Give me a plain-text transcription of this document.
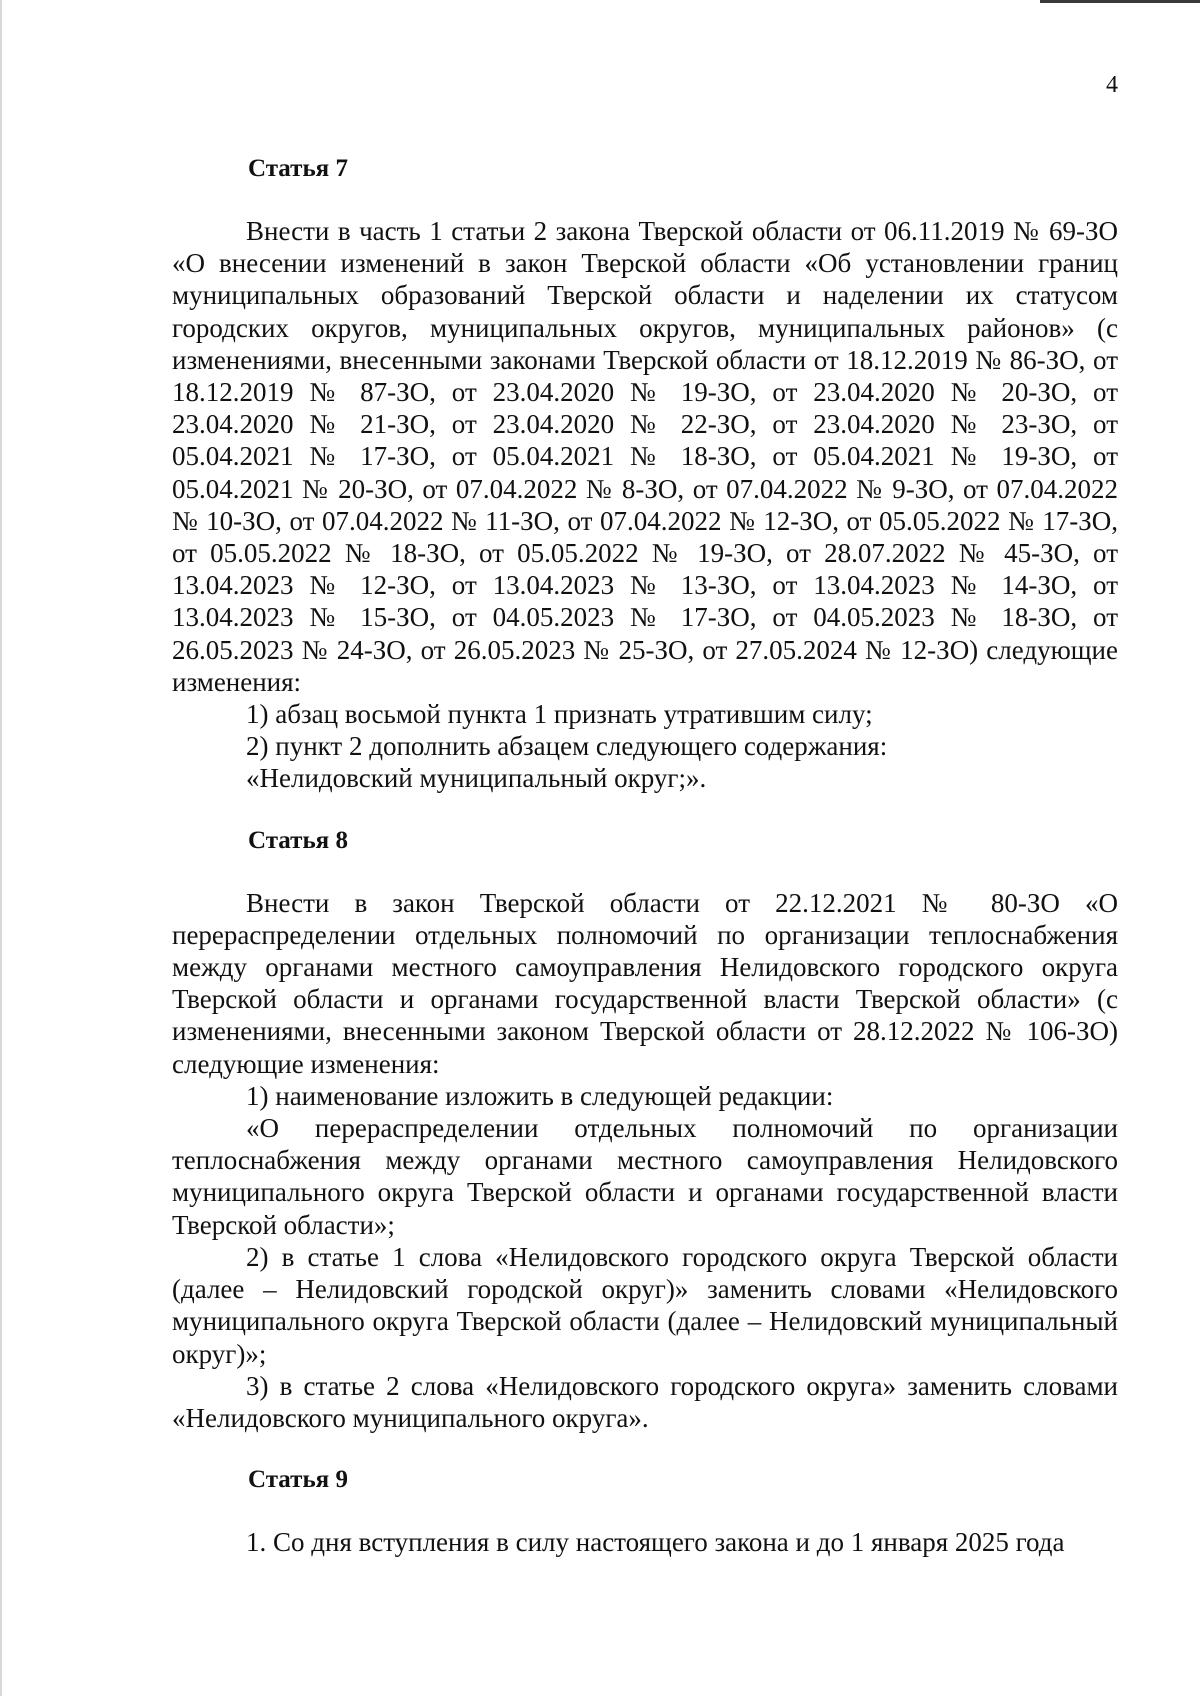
4
Статья 7

Внести в часть 1 статьи 2 закона Тверской области от 06.11.2019 № 69-ЗО «О внесении изменений в закон Тверской области «Об установлении границ муниципальных образований Тверской области и наделении их статусом городских округов, муниципальных округов, муниципальных районов» (с изменениями, внесенными законами Тверской области от 18.12.2019 № 86-ЗО, от 18.12.2019 № 87-ЗО, от 23.04.2020 № 19-ЗО, от 23.04.2020 № 20-ЗО, от 23.04.2020 № 21-ЗО, от 23.04.2020 № 22-ЗО, от 23.04.2020 № 23-ЗО, от 05.04.2021 № 17-ЗО, от 05.04.2021 № 18-ЗО, от 05.04.2021 № 19-ЗО, от 05.04.2021 № 20-ЗО, от 07.04.2022 № 8-ЗО, от 07.04.2022 № 9-ЗО, от 07.04.2022 № 10-ЗО, от 07.04.2022 № 11-ЗО, от 07.04.2022 № 12-ЗО, от 05.05.2022 № 17-ЗО, от 05.05.2022 № 18-ЗО, от 05.05.2022 № 19-ЗО, от 28.07.2022 № 45-ЗО, от 13.04.2023 № 12-ЗО, от 13.04.2023 № 13-ЗО, от 13.04.2023 № 14-ЗО, от 13.04.2023 № 15-ЗО, от 04.05.2023 № 17-ЗО, от 04.05.2023 № 18-ЗО, от 26.05.2023 № 24-ЗО, от 26.05.2023 № 25-ЗО, от 27.05.2024 № 12-ЗО) следующие изменения:

1) абзац восьмой пункта 1 признать утратившим силу;

2) пункт 2 дополнить абзацем следующего содержания:

«Нелидовский муниципальный округ;».

Статья 8

Внести в закон Тверской области от 22.12.2021 № 80-ЗО «О перераспределении отдельных полномочий по организации теплоснабжения между органами местного самоуправления Нелидовского городского округа Тверской области и органами государственной власти Тверской области» (с изменениями, внесенными законом Тверской области от 28.12.2022 № 106-ЗО) следующие изменения:

1) наименование изложить в следующей редакции:

«О перераспределении отдельных полномочий по организации теплоснабжения между органами местного самоуправления Нелидовского муниципального округа Тверской области и органами государственной власти Тверской области»;

2) в статье 1 слова «Нелидовского городского округа Тверской области (далее – Нелидовский городской округ)» заменить словами «Нелидовского муниципального округа Тверской области (далее – Нелидовский муниципальный округ)»;

3) в статье 2 слова «Нелидовского городского округа» заменить словами «Нелидовского муниципального округа».

Статья 9

1. Со дня вступления в силу настоящего закона и до 1 января 2025 года
